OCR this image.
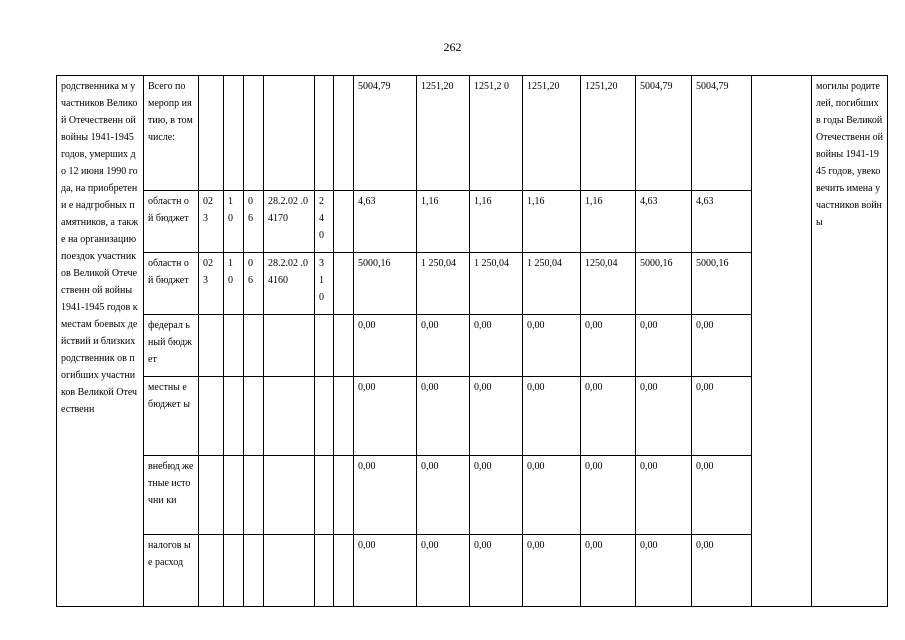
262
родственника м участников Великой Отечественн ой войны 1941-1945 годов, умерших до 12 июня 1990 года, на приобретени е надгробных памятников, а также на организацию поездок участников Великой Отечественн ой войны 1941-1945 годов к местам боевых действий и близких родственник ов погибших участников Великой Отечественн	Всего по меропр иятию, в том числе:							5004,79	1251,20	1251,2 0	1251,20	1251,20	5004,79	5004,79		могилы родителей, погибших в годы Великой Отечественн ой войны 1941-1945 годов, увековечить имена участников войны
	областн ой бюджет	02 3	1 0	0 6	28.2.02 .04170	2 4 0		4,63	1,16	1,16	1,16	1,16	4,63	4,63		
	областн ой бюджет	02 3	1 0	0 6	28.2.02 .04160	3 1 0		5000,16	1 250,04	1 250,04	1 250,04	1250,04	5000,16	5000,16		
	федерал ьный бюджет							0,00	0,00	0,00	0,00	0,00	0,00	0,00		
	местны е бюджет ы							0,00	0,00	0,00	0,00	0,00	0,00	0,00		
	внебюд жетные источни ки							0,00	0,00	0,00	0,00	0,00	0,00	0,00		
	налогов ые расход							0,00	0,00	0,00	0,00	0,00	0,00	0,00		
